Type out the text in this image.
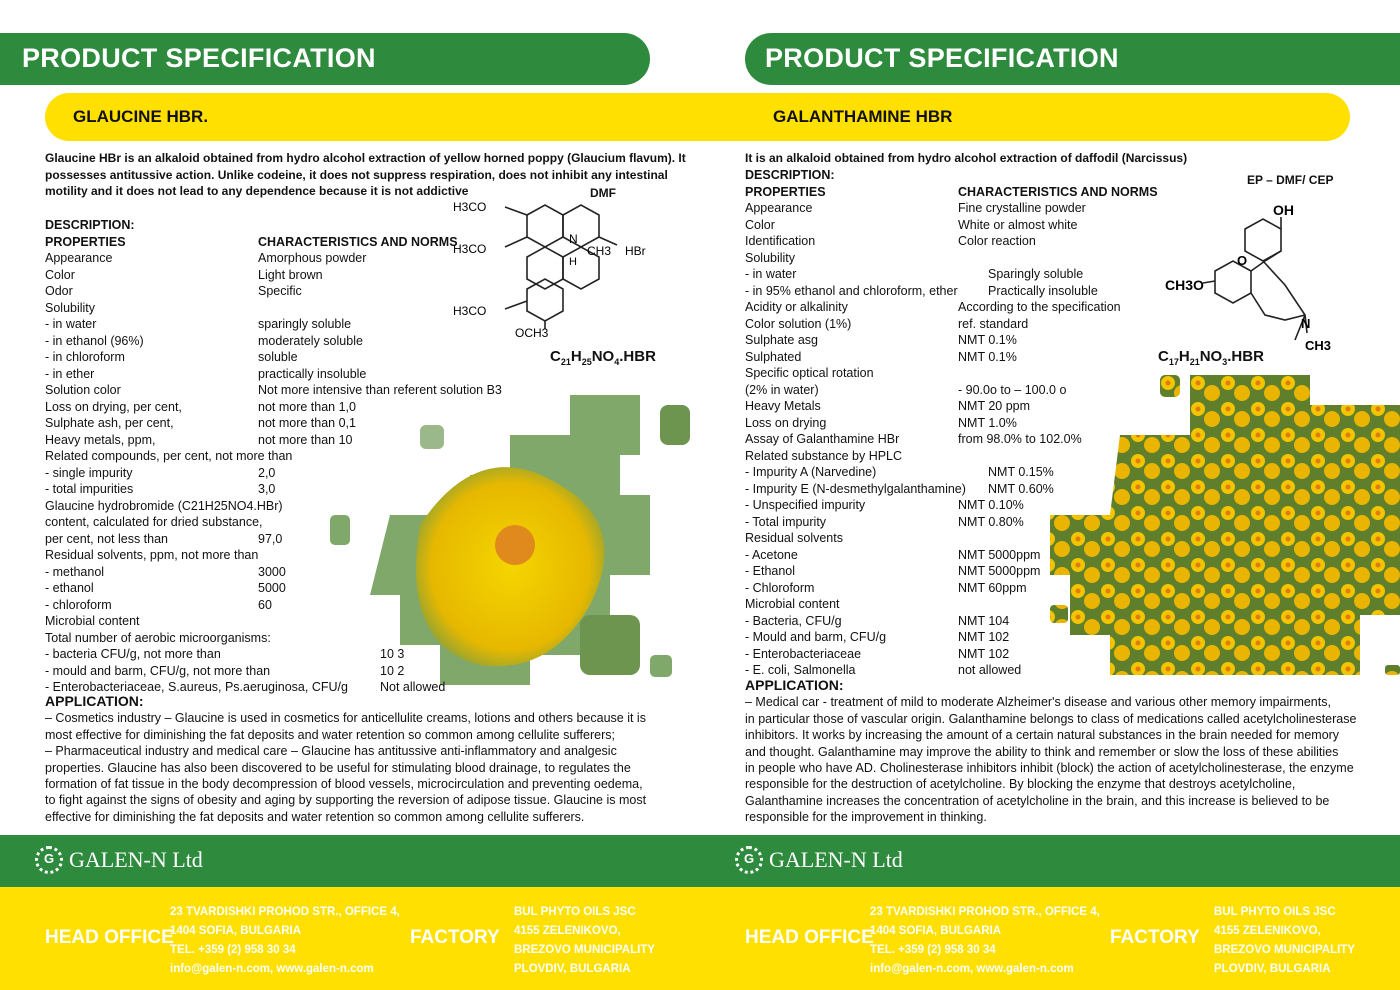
PRODUCT SPECIFICATION
GLAUCINE HBR.
Glaucine HBr is an alkaloid obtained from hydro alcohol extraction of yellow horned poppy (Glaucium flavum). It possesses antitussive action. Unlike codeine, it does not suppress respiration, does not inhibit any intestinal motility and it does not lead to any dependence because it is not addictive	DMF
H3CO
H3CO
N
CH3
H
HBr
H3CO
OCH3
$C_{21}H_{25}NO_4.HBR$
DESCRIPTION:
PROPERTIES	CHARACTERISTICS AND NORMS
Appearance	Amorphous powder
Color	Light brown
Odor	Specific
Solubility
- in water	sparingly soluble
- in ethanol (96%)	moderately soluble
- in chloroform	soluble
- in ether	practically insoluble
Solution color	Not more intensive than referent solution B3
Loss on drying, per cent,	not more than 1,0
Sulphate ash, per cent,	not more than 0,1
Heavy metals, ppm,	not more than 10
Related compounds, per cent, not more than
- single impurity	2,0
- total impurities	3,0
Glaucine hydrobromide (C21H25NO4.HBr)
content, calculated for dried substance,
per cent, not less than	97,0
Residual solvents, ppm, not more than
- methanol	3000
- ethanol	5000
- chloroform	60
Microbial content
Total number of aerobic microorganisms:
- bacteria CFU/g, not more than	10 3
- mould and barm, CFU/g, not more than	10 2
- Enterobacteriaceae, S.aureus, Ps.aeruginosa, CFU/g	Not allowed
APPLICATION:
– Cosmetics industry – Glaucine is used in cosmetics for anticellulite creams, lotions and others because it is
most effective for diminishing the fat deposits and water retention so common among cellulite sufferers;
– Pharmaceutical industry and medical care – Glaucine has antitussive anti-inflammatory and analgesic
properties. Glaucine has also been discovered to be useful for stimulating blood drainage, to regulates the
formation of fat tissue in the body decompression of blood vessels, microcirculation and preventing oedema,
to fight against the signs of obesity and aging by supporting the reversion of adipose tissue. Glaucine is most
effective for diminishing the fat deposits and water retention so common among cellulite sufferers.
G
GALEN-N Ltd
HEAD OFFICE
23 TVARDISHKI PROHOD STR., OFFICE 4,
1404 SOFIA, BULGARIA
TEL. +359 (2) 958 30 34
info@galen-n.com, www.galen-n.com
FACTORY
BUL PHYTO OILS JSC
4155 ZELENIKOVO,
BREZOVO MUNICIPALITY
PLOVDIV, BULGARIA
PRODUCT SPECIFICATION
GALANTHAMINE HBR
It is an alkaloid obtained from hydro alcohol extraction of daffodil (Narcissus)
EP – DMF/ CEP
OH
O
CH3O
N
CH3
$C_{17}H_{21}NO_3.HBR$
DESCRIPTION:
PROPERTIES	CHARACTERISTICS AND NORMS
Appearance	Fine crystalline powder
Color	White or almost white
Identification	Color reaction
Solubility
- in water	Sparingly soluble
- in 95% ethanol and chloroform, ether Practically insoluble
Acidity or alkalinity	According to the specification
Color solution (1%)	ref. standard
Sulphate asg	NMT 0.1%
Sulphated	NMT 0.1%
Specific optical rotation
(2% in water)	- 90.0o to – 100.0 o
Heavy Metals	NMT 20 ppm
Loss on drying	NMT 1.0%
Assay of Galanthamine HBr	from 98.0% to 102.0%
Related substance by HPLC
- Impurity A (Narvedine)	NMT 0.15%
- Impurity E (N-desmethylgalanthamine) NMT 0.60%
- Unspecified impurity	NMT 0.10%
- Total impurity	NMT 0.80%
Residual solvents
- Acetone	NMT 5000ppm
- Ethanol	NMT 5000ppm
- Chloroform	NMT 60ppm
Microbial content
- Bacteria, CFU/g	NMT 104
- Mould and barm, CFU/g	NMT 102
- Enterobacteriaceae	NMT 102
- E. coli, Salmonella	not allowed
APPLICATION:
– Medical car - treatment of mild to moderate Alzheimer's disease and various other memory impairments,
in particular those of vascular origin. Galanthamine belongs to class of medications called acetylcholinesterase
inhibitors. It works by increasing the amount of a certain natural substances in the brain needed for memory
and thought. Galanthamine may improve the ability to think and remember or slow the loss of these abilities
in people who have AD. Cholinesterase inhibitors inhibit (block) the action of acetylcholinesterase, the enzyme
responsible for the destruction of acetylcholine. By blocking the enzyme that destroys acetylcholine,
Galanthamine increases the concentration of acetylcholine in the brain, and this increase is believed to be
responsible for the improvement in thinking.
G
GALEN-N Ltd
HEAD OFFICE
23 TVARDISHKI PROHOD STR., OFFICE 4,
1404 SOFIA, BULGARIA
TEL. +359 (2) 958 30 34
info@galen-n.com, www.galen-n.com
FACTORY
BUL PHYTO OILS JSC
4155 ZELENIKOVO,
BREZOVO MUNICIPALITY
PLOVDIV, BULGARIA
